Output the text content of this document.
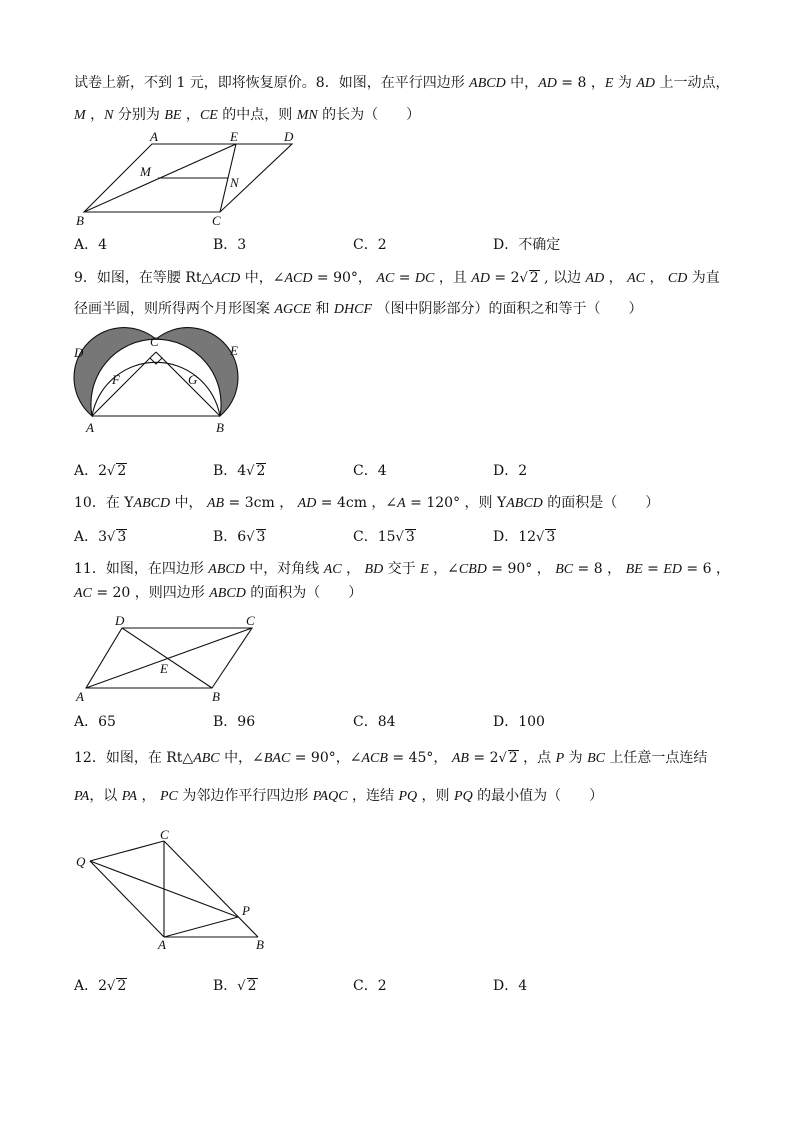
试卷上新，不到 1 元，即将恢复原价。8．如图，在平行四边形 ABCD 中，AD = 8 ，E 为 AD 上一动点，
M ，N 分别为 BE ，CE 的中点，则 MN 的长为（　　）
A	E	D
M
N
B	C
A．4	B．3	C．2	D．不确定
9．如图，在等腰 Rt△ACD 中，∠ACD = 90°， AC = DC ，且 AD = 2√ 2 , 以边 AD ， AC ， CD 为直
径画半圆，则所得两个月形图案 AGCE 和 DHCF （图中阴影部分）的面积之和等于（　　）
D
C
E
F	G
A	B
A．2√ 2	B．4√ 2	C．4	D．2
10．在 YABCD 中， AB = 3cm ， AD = 4cm ，∠A = 120° ，则 YABCD 的面积是（　　）
A．3√ 3	B．6√ 3	C．15√ 3	D．12√ 3
11．如图，在四边形 ABCD 中，对角线 AC ， BD 交于 E ，∠CBD = 90° ， BC = 8 ， BE = ED = 6 ，
AC = 20 ，则四边形 ABCD 的面积为（　　）
D	C
E
A	B
A．65	B．96	C．84	D．100
12．如图，在 Rt△ABC 中，∠BAC = 90°，∠ACB = 45°， AB = 2√ 2 ，点 P 为 BC 上任意一点连结
PA，以 PA ， PC 为邻边作平行四边形 PAQC ，连结 PQ ，则 PQ 的最小值为（　　）
C
Q
P
A	B
A．2√ 2	B．√ 2	C．2	D．4
